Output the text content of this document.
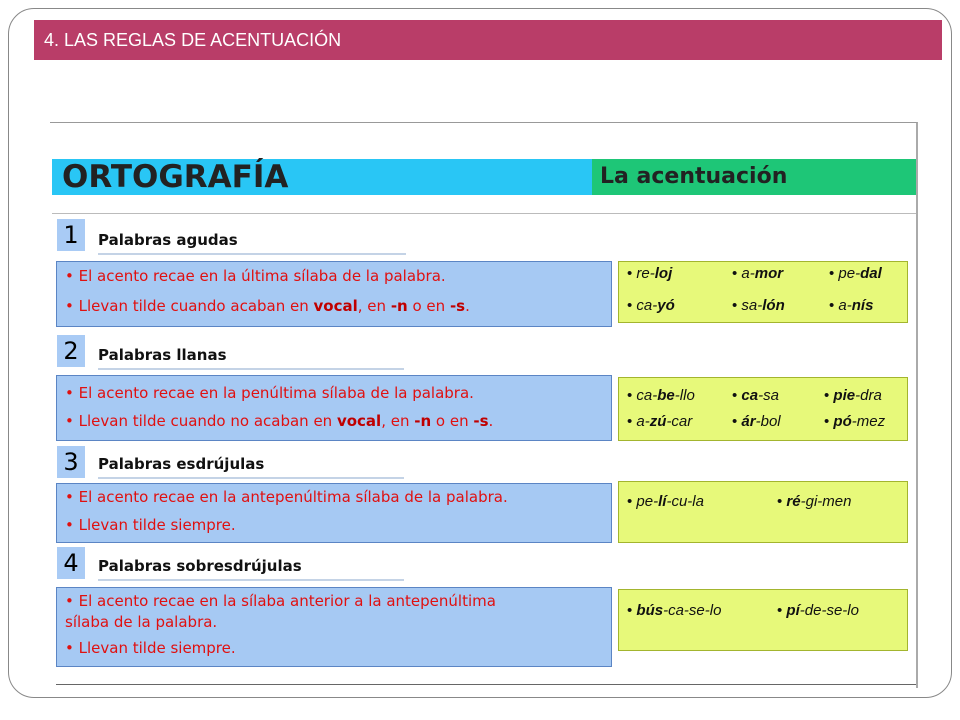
4. LAS REGLAS DE ACENTUACIÓN
ORTOGRAFÍA	La acentuación
1	Palabras agudas
• El acento recae en la última sílaba de la palabra.
• Llevan tilde cuando acaban en vocal, en -n o en -s.
• re-loj	• a-mor	• pe-dal
• ca-yó	• sa-lón	• a-nís
2	Palabras llanas
• El acento recae en la penúltima sílaba de la palabra.
• Llevan tilde cuando no acaban en vocal, en -n o en -s.
• ca-be-llo • ca-sa	• pie-dra
• a-zú-car	• ár-bol	• pó-mez
3	Palabras esdrújulas
• El acento recae en la antepenúltima sílaba de la palabra.
• Llevan tilde siempre.
• pe-lí-cu-la	• ré-gi-men
4	Palabras sobresdrújulas
• El acento recae en la sílaba anterior a la antepenúltima
sílaba de la palabra.
• Llevan tilde siempre.
• bús-ca-se-lo	• pí-de-se-lo
